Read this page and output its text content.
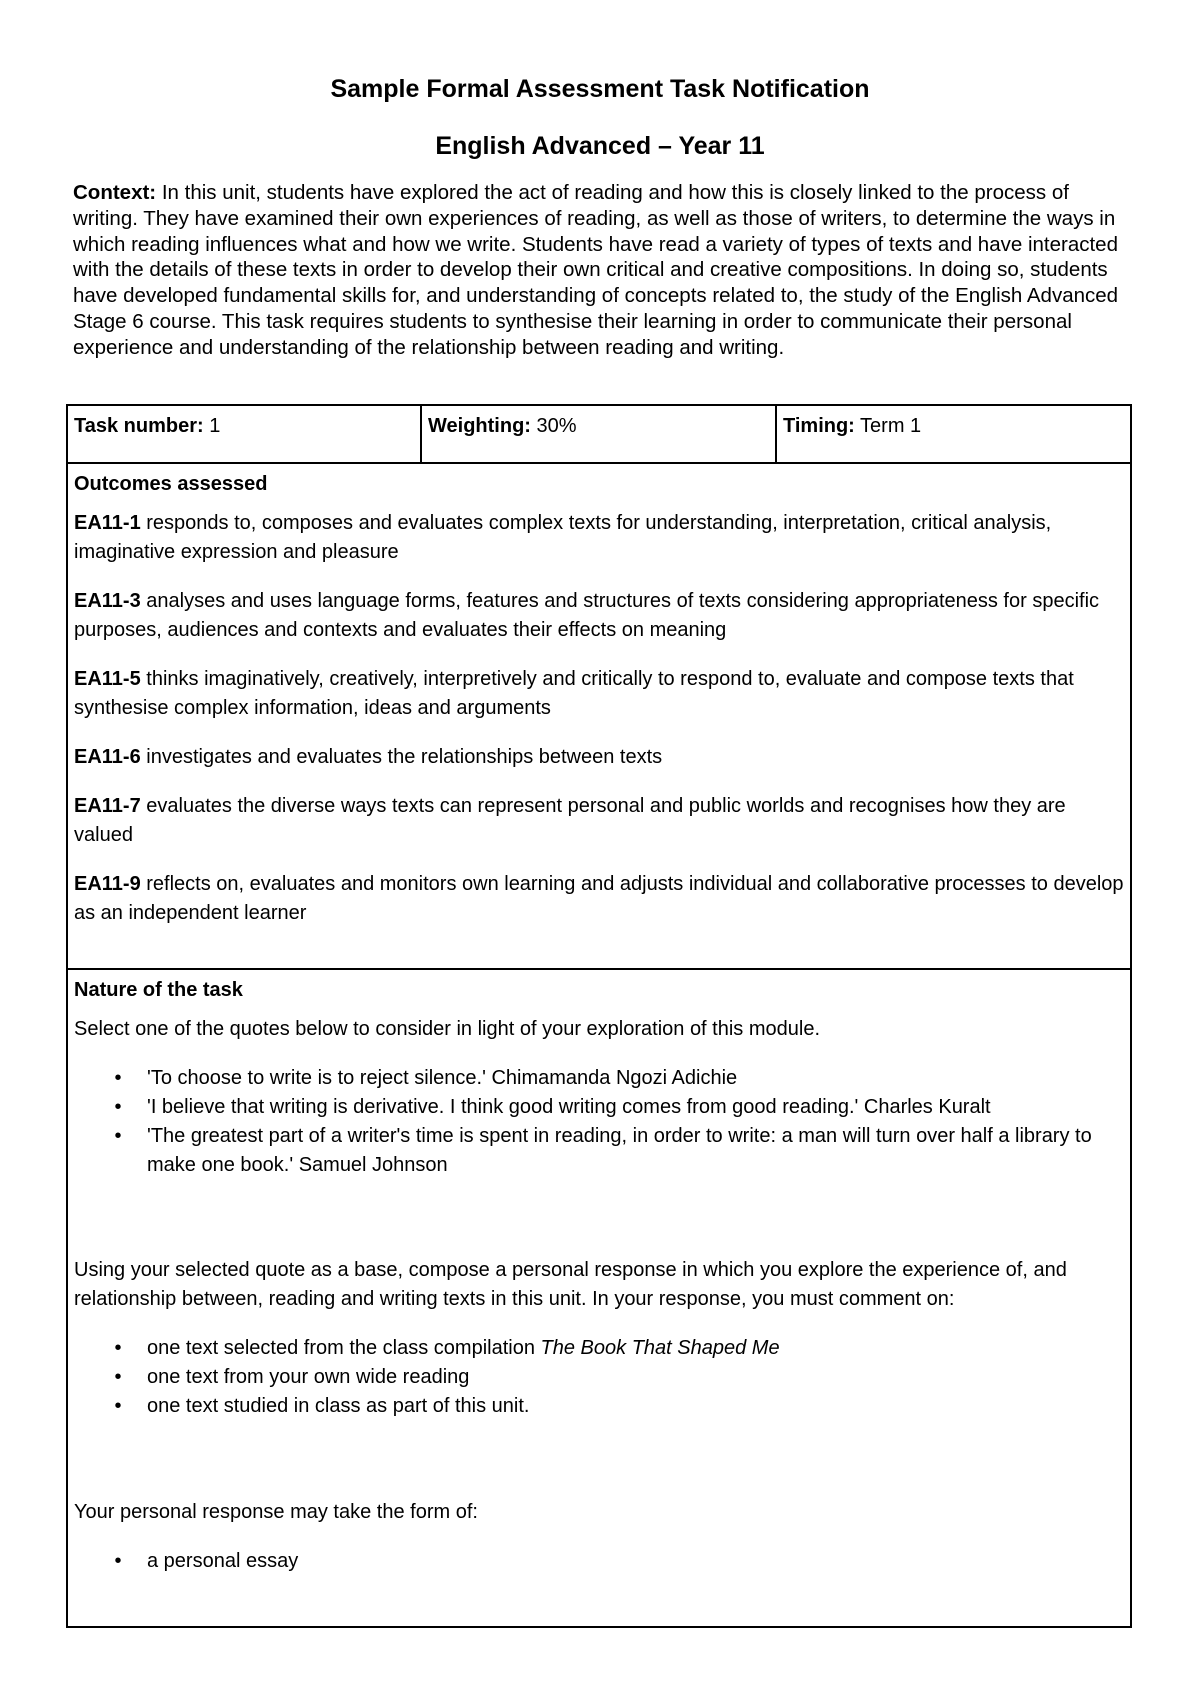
Sample Formal Assessment Task Notification
English Advanced – Year 11

Context: In this unit, students have explored the act of reading and how this is closely linked to the process of writing. They have examined their own experiences of reading, as well as those of writers, to determine the ways in which reading influences what and how we write. Students have read a variety of types of texts and have interacted with the details of these texts in order to develop their own critical and creative compositions. In doing so, students have developed fundamental skills for, and understanding of concepts related to, the study of the English Advanced Stage 6 course. This task requires students to synthesise their learning in order to communicate their personal experience and understanding of the relationship between reading and writing.

Task number: 1	Weighting: 30%	Timing: Term 1

Outcomes assessed

EA11-1 responds to, composes and evaluates complex texts for understanding, interpretation, critical analysis, imaginative expression and pleasure

EA11-3 analyses and uses language forms, features and structures of texts considering appropriateness for specific purposes, audiences and contexts and evaluates their effects on meaning

EA11-5 thinks imaginatively, creatively, interpretively and critically to respond to, evaluate and compose texts that synthesise complex information, ideas and arguments

EA11-6 investigates and evaluates the relationships between texts

EA11-7 evaluates the diverse ways texts can represent personal and public worlds and recognises how they are valued

EA11-9 reflects on, evaluates and monitors own learning and adjusts individual and collaborative processes to develop as an independent learner

Nature of the task

Select one of the quotes below to consider in light of your exploration of this module.

• 'To choose to write is to reject silence.' Chimamanda Ngozi Adichie
• 'I believe that writing is derivative. I think good writing comes from good reading.' Charles Kuralt
• 'The greatest part of a writer's time is spent in reading, in order to write: a man will turn over half a library to make one book.' Samuel Johnson

Using your selected quote as a base, compose a personal response in which you explore the experience of, and relationship between, reading and writing texts in this unit. In your response, you must comment on:

• one text selected from the class compilation The Book That Shaped Me
• one text from your own wide reading
• one text studied in class as part of this unit.

Your personal response may take the form of:

• a personal essay
